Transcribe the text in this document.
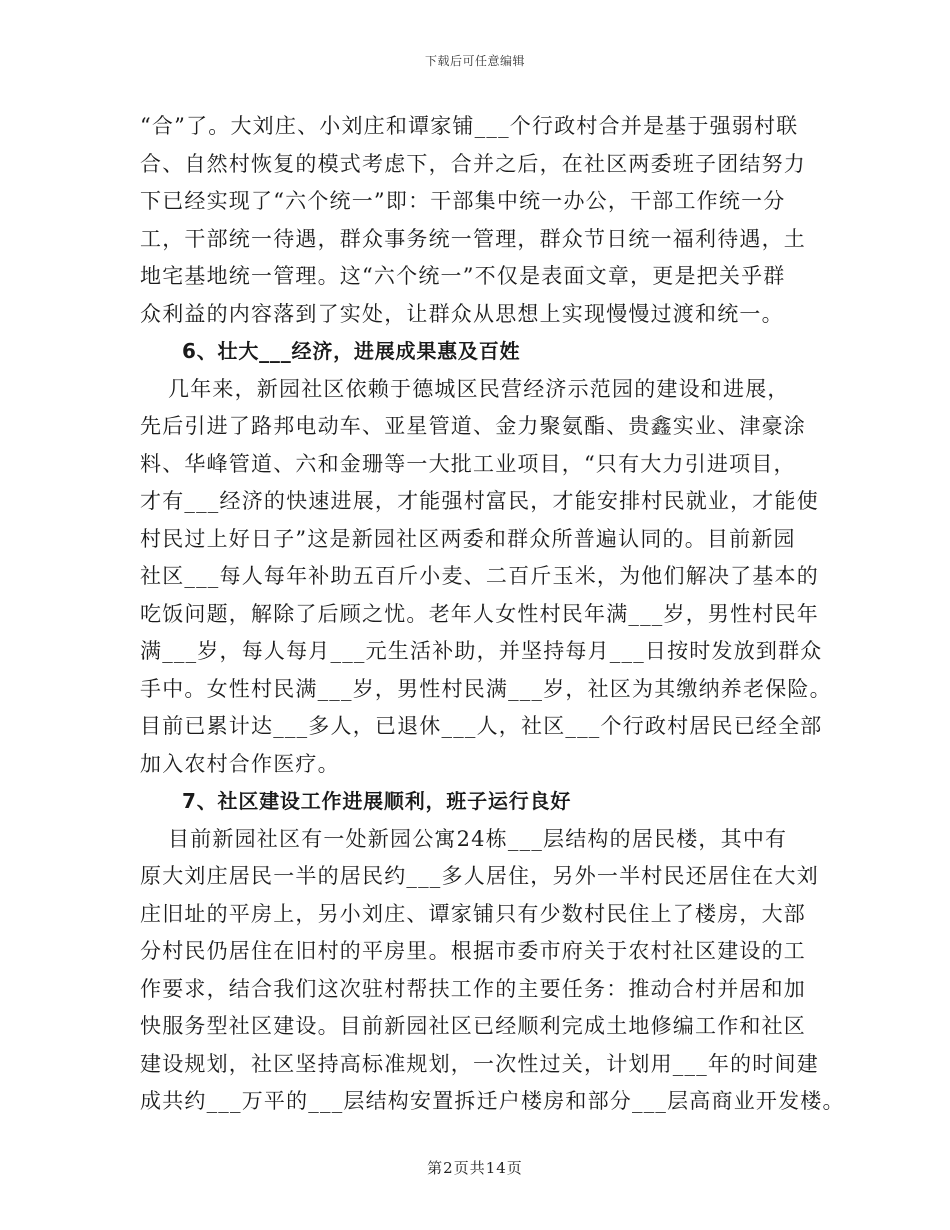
下载后可任意编辑
“合”了。大刘庄、小刘庄和谭家铺___个行政村合并是基于强弱村联
合、自然村恢复的模式考虑下，合并之后，在社区两委班子团结努力
下已经实现了“六个统一”即：干部集中统一办公，干部工作统一分
工，干部统一待遇，群众事务统一管理，群众节日统一福利待遇，土
地宅基地统一管理。这“六个统一”不仅是表面文章，更是把关乎群
众利益的内容落到了实处，让群众从思想上实现慢慢过渡和统一。
6、壮大___经济，进展成果惠及百姓
几年来，新园社区依赖于德城区民营经济示范园的建设和进展，
先后引进了路邦电动车、亚星管道、金力聚氨酯、贵鑫实业、津豪涂
料、华峰管道、六和金珊等一大批工业项目，“只有大力引进项目，
才有___经济的快速进展，才能强村富民，才能安排村民就业，才能使
村民过上好日子”这是新园社区两委和群众所普遍认同的。目前新园
社区___每人每年补助五百斤小麦、二百斤玉米，为他们解决了基本的
吃饭问题，解除了后顾之忧。老年人女性村民年满___岁，男性村民年
满___岁，每人每月___元生活补助，并坚持每月___日按时发放到群众
手中。女性村民满___岁，男性村民满___岁，社区为其缴纳养老保险。
目前已累计达___多人，已退休___人，社区___个行政村居民已经全部
加入农村合作医疗。
7、社区建设工作进展顺利，班子运行良好
目前新园社区有一处新园公寓24栋___层结构的居民楼，其中有
原大刘庄居民一半的居民约___多人居住，另外一半村民还居住在大刘
庄旧址的平房上，另小刘庄、谭家铺只有少数村民住上了楼房，大部
分村民仍居住在旧村的平房里。根据市委市府关于农村社区建设的工
作要求，结合我们这次驻村帮扶工作的主要任务：推动合村并居和加
快服务型社区建设。目前新园社区已经顺利完成土地修编工作和社区
建设规划，社区坚持高标准规划，一次性过关，计划用___年的时间建
成共约___万平的___层结构安置拆迁户楼房和部分___层高商业开发楼。
第2页共14页
